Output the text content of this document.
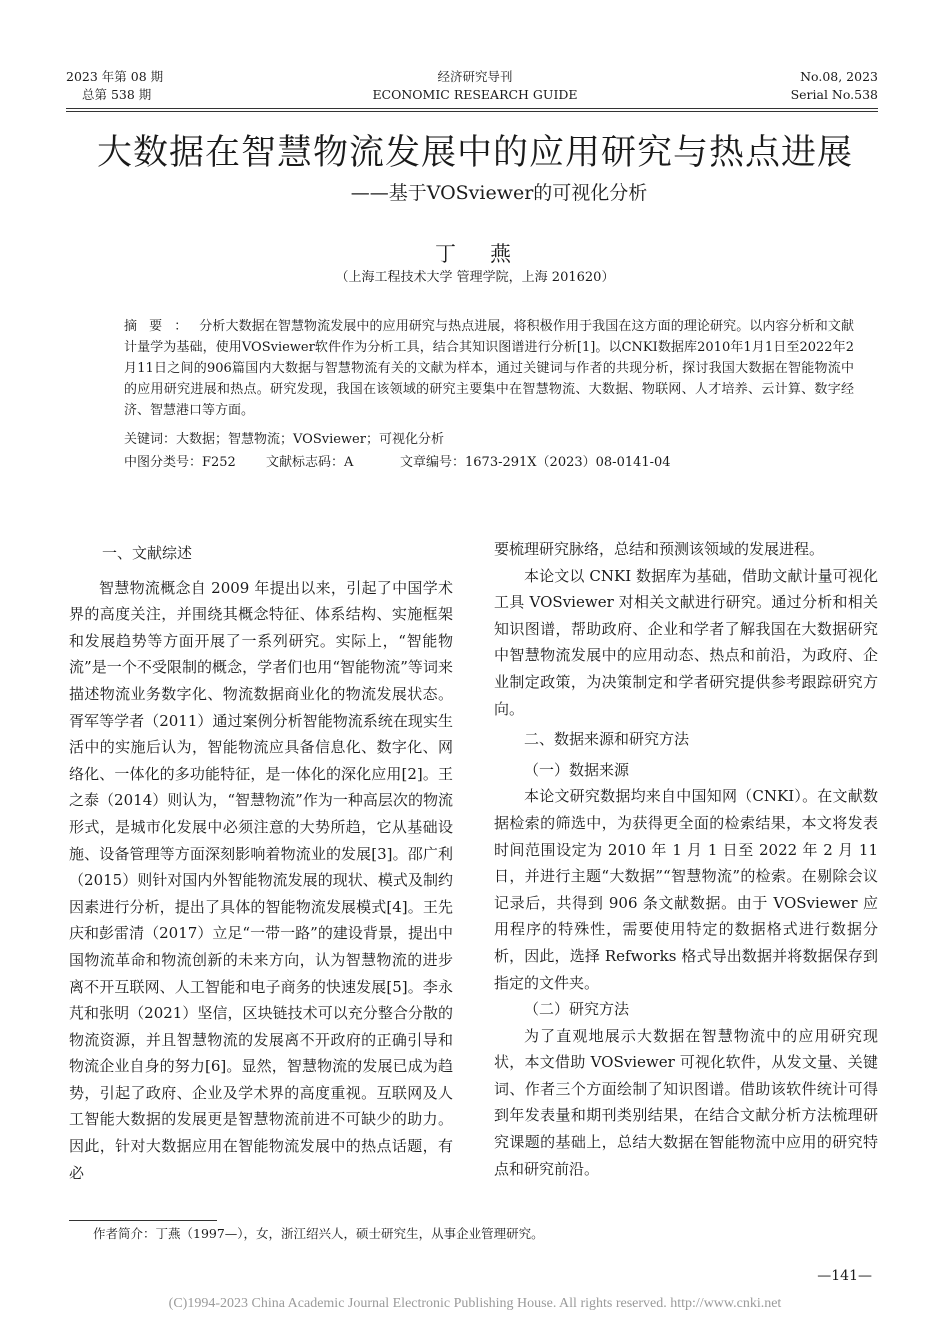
2023 年第 08 期
总第 538 期
经济研究导刊
ECONOMIC RESEARCH GUIDE
No.08, 2023
Serial No.538
大数据在智慧物流发展中的应用研究与热点进展
——基于VOSviewer的可视化分析
丁燕
（上海工程技术大学 管理学院，上海 201620）
摘要：分析大数据在智慧物流发展中的应用研究与热点进展，将积极作用于我国在这方面的理论研究。以内容分析和文献计量学为基础，使用VOSviewer软件作为分析工具，结合其知识图谱进行分析[1]。以CNKI数据库2010年1月1日至2022年2月11日之间的906篇国内大数据与智慧物流有关的文献为样本，通过关键词与作者的共现分析，探讨我国大数据在智能物流中的应用研究进展和热点。研究发现，我国在该领域的研究主要集中在智慧物流、大数据、物联网、人才培养、云计算、数字经济、智慧港口等方面。
关键词：大数据；智慧物流；VOSviewer；可视化分析
中图分类号：F252 文献标志码：A	文章编号：1673-291X（2023）08-0141-04

一、文献综述

智慧物流概念自 2009 年提出以来，引起了中国学术界的高度关注，并围绕其概念特征、体系结构、实施框架和发展趋势等方面开展了一系列研究。实际上，“智能物流”是一个不受限制的概念，学者们也用“智能物流”等词来描述物流业务数字化、物流数据商业化的物流发展状态。胥军等学者（2011）通过案例分析智能物流系统在现实生活中的实施后认为，智能物流应具备信息化、数字化、网络化、一体化的多功能特征，是一体化的深化应用[2]。王之泰（2014）则认为，“智慧物流”作为一种高层次的物流形式，是城市化发展中必须注意的大势所趋，它从基础设施、设备管理等方面深刻影响着物流业的发展[3]。邵广利（2015）则针对国内外智能物流发展的现状、模式及制约因素进行分析，提出了具体的智能物流发展模式[4]。王先庆和彭雷清（2017）立足“一带一路”的建设背景，提出中国物流革命和物流创新的未来方向，认为智慧物流的进步离不开互联网、人工智能和电子商务的快速发展[5]。李永芃和张明（2021）坚信，区块链技术可以充分整合分散的物流资源，并且智慧物流的发展离不开政府的正确引导和物流企业自身的努力[6]。显然，智慧物流的发展已成为趋势，引起了政府、企业及学术界的高度重视。互联网及人工智能大数据的发展更是智慧物流前进不可缺少的助力。因此，针对大数据应用在智能物流发展中的热点话题，有必

要梳理研究脉络，总结和预测该领域的发展进程。

本论文以 CNKI 数据库为基础，借助文献计量可视化工具 VOSviewer 对相关文献进行研究。通过分析和相关知识图谱，帮助政府、企业和学者了解我国在大数据研究中智慧物流发展中的应用动态、热点和前沿，为政府、企业制定政策，为决策制定和学者研究提供参考跟踪研究方向。

二、数据来源和研究方法

（一）数据来源

本论文研究数据均来自中国知网（CNKI）。在文献数据检索的筛选中，为获得更全面的检索结果，本文将发表时间范围设定为 2010 年 1 月 1 日至 2022 年 2 月 11 日，并进行主题“大数据”“智慧物流”的检索。在剔除会议记录后，共得到 906 条文献数据。由于 VOSviewer 应用程序的特殊性，需要使用特定的数据格式进行数据分析，因此，选择 Refworks 格式导出数据并将数据保存到指定的文件夹。

（二）研究方法

为了直观地展示大数据在智慧物流中的应用研究现状，本文借助 VOSviewer 可视化软件，从发文量、关键词、作者三个方面绘制了知识图谱。借助该软件统计可得到年发表量和期刊类别结果，在结合文献分析方法梳理研究课题的基础上，总结大数据在智能物流中应用的研究特点和研究前沿。

作者简介：丁燕（1997—），女，浙江绍兴人，硕士研究生，从事企业管理研究。
—141—
(C)1994-2023 China Academic Journal Electronic Publishing House. All rights reserved. http://www.cnki.net
